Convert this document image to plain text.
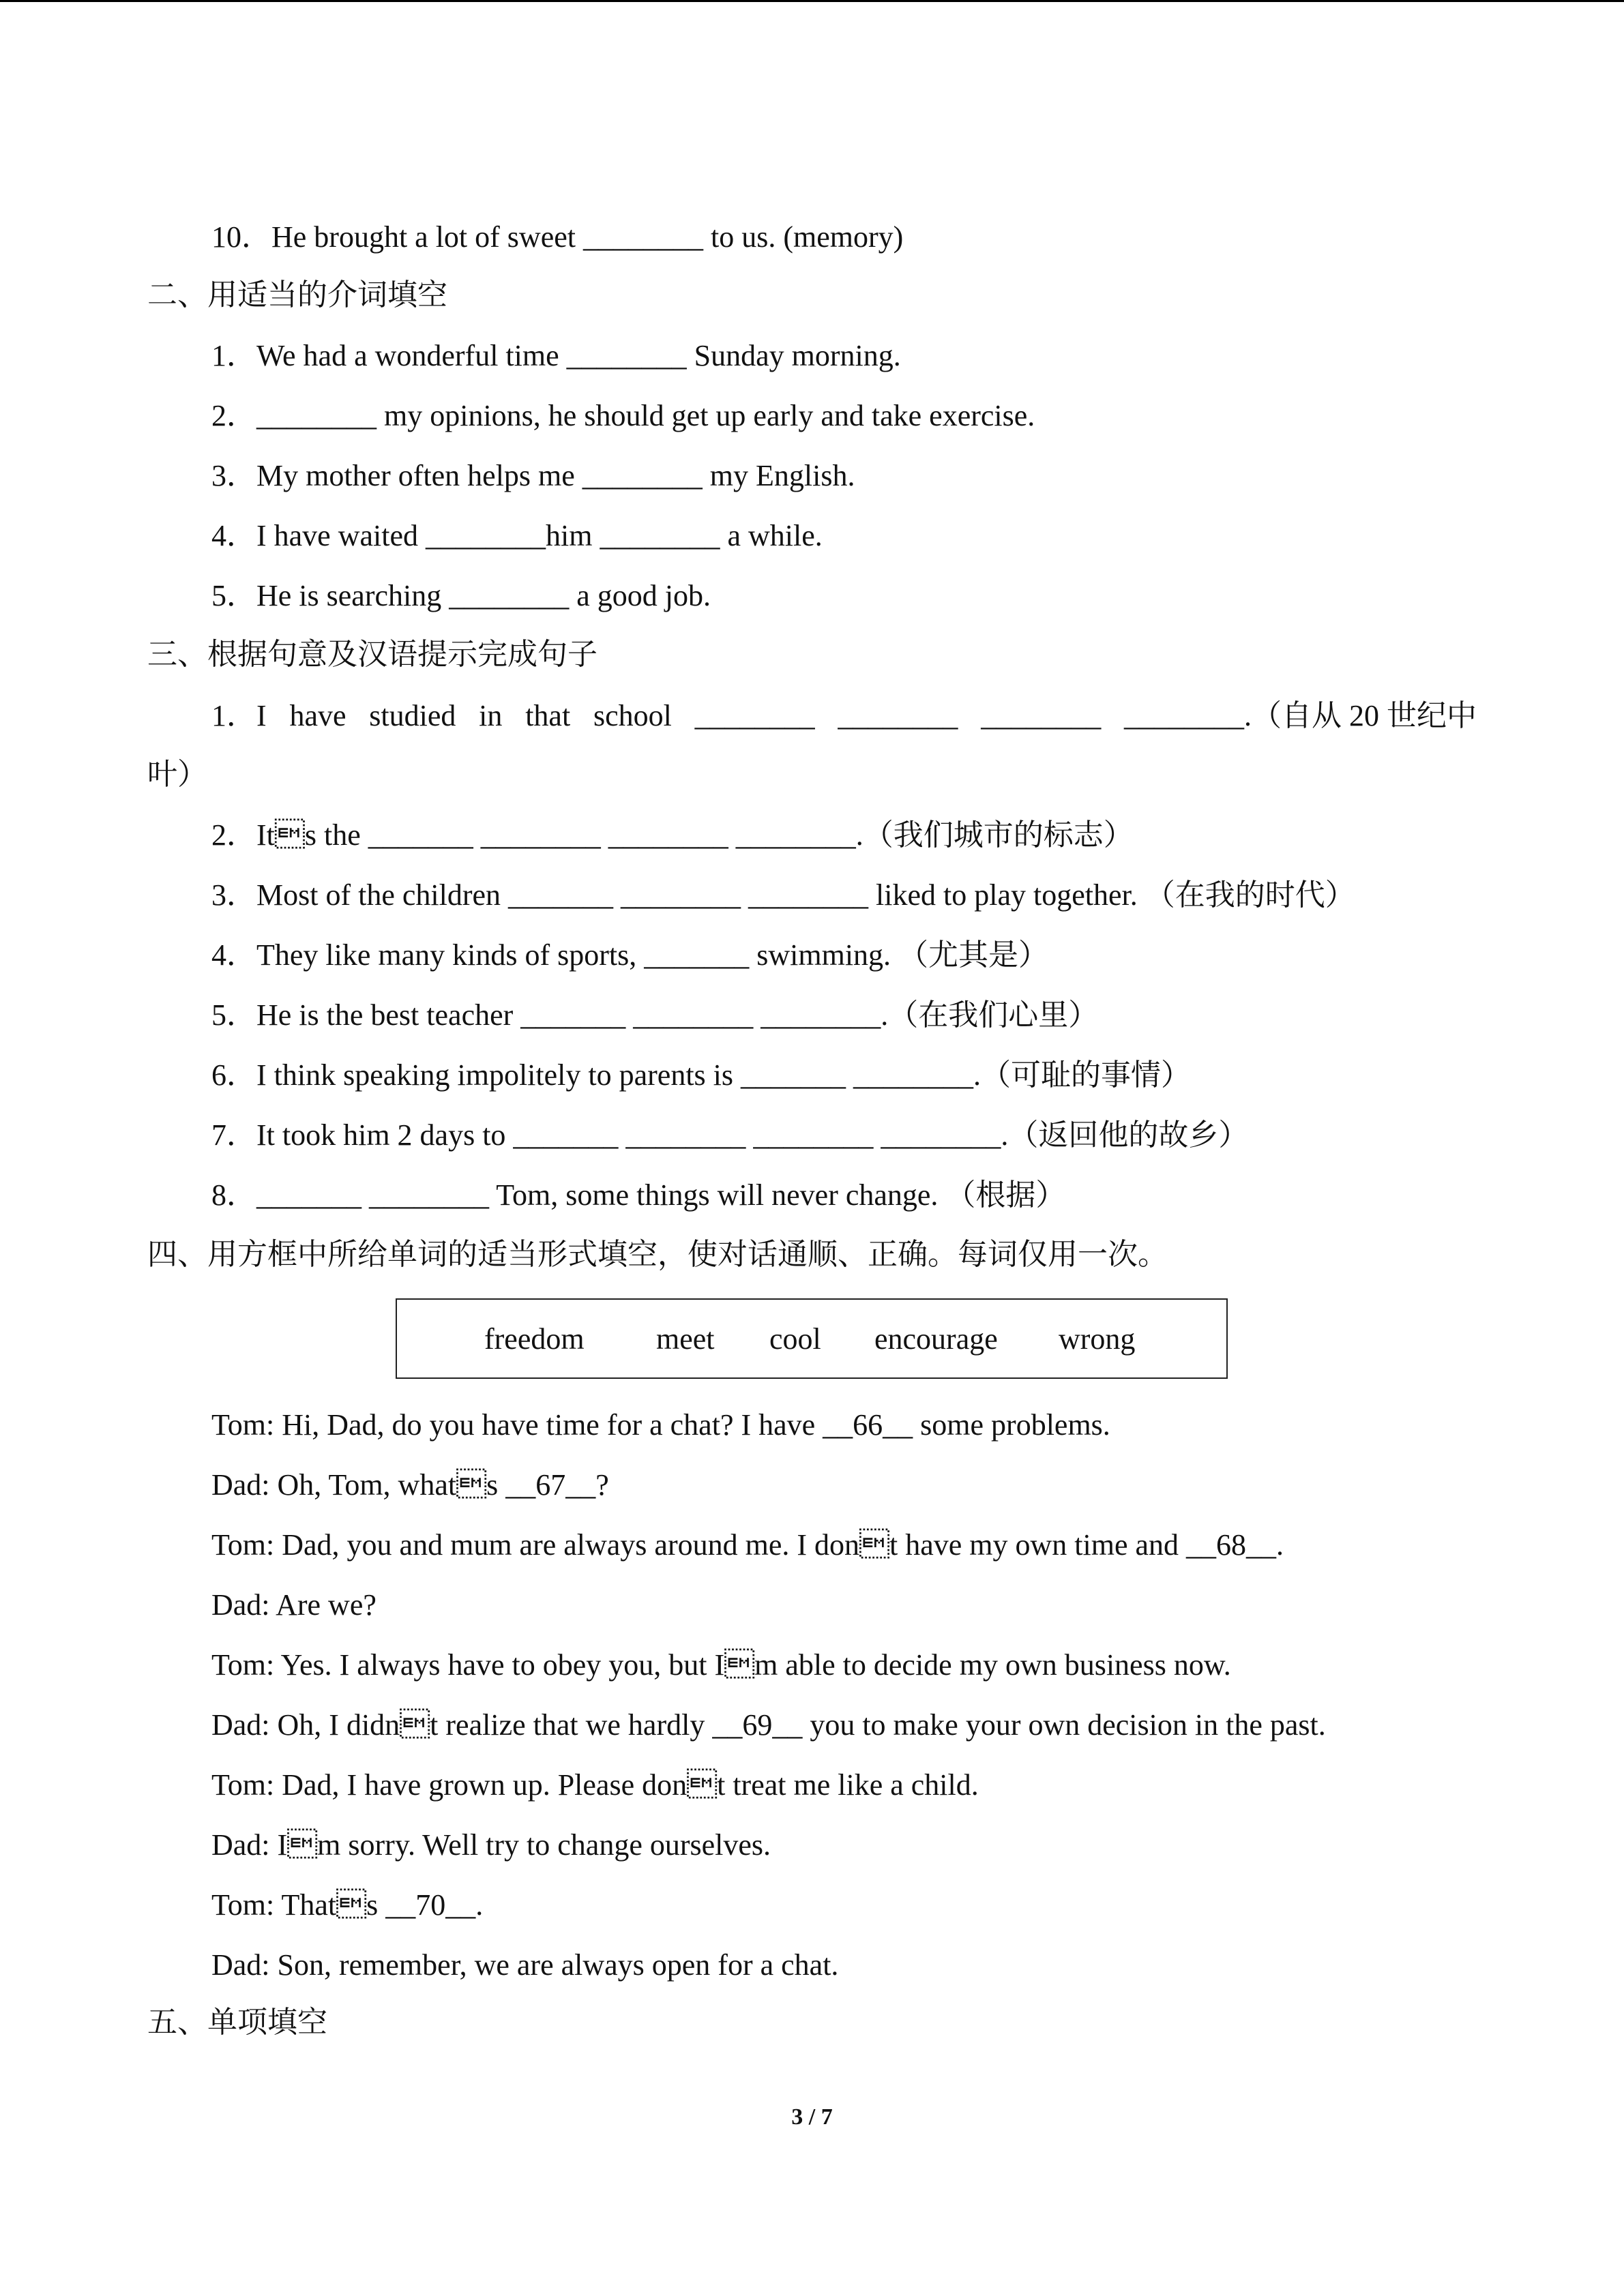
10．He brought a lot of sweet ________ to us. (memory)
二、用适当的介词填空
1．We had a wonderful time ________ Sunday morning.
2．________ my opinions, he should get up early and take exercise.
3．My mother often helps me ________ my English.
4．I have waited ________him ________ a while.
5．He is searching ________ a good job.
三、根据句意及汉语提示完成句子
1．I have studied in that school ________ ________ ________ ________.（自从 20 世纪中
叶）
2．Its the _______ ________ ________ ________.（我们城市的标志）
3．Most of the children _______ ________ ________ liked to play together. （在我的时代）
4．They like many kinds of sports, _______ swimming. （尤其是）
5．He is the best teacher _______ ________ ________.（在我们心里）
6．I think speaking impolitely to parents is _______ ________.（可耻的事情）
7．It took him 2 days to _______ ________ ________ ________.（返回他的故乡）
8．_______ ________ Tom, some things will never change. （根据）
四、用方框中所给单词的适当形式填空，使对话通顺、正确。每词仅用一次。
freedom meet cool encourage wrong
Tom: Hi, Dad, do you have time for a chat? I have __66__ some problems.
Dad: Oh, Tom, whats __67__?
Tom: Dad, you and mum are always around me. I dont have my own time and __68__.
Dad: Are we?
Tom: Yes. I always have to obey you, but Im able to decide my own business now.
Dad: Oh, I didnt realize that we hardly __69__ you to make your own decision in the past.
Tom: Dad, I have grown up. Please dont treat me like a child.
Dad: Im sorry. Well try to change ourselves.
Tom: Thats __70__.
Dad: Son, remember, we are always open for a chat.
五、单项填空
3 / 7
